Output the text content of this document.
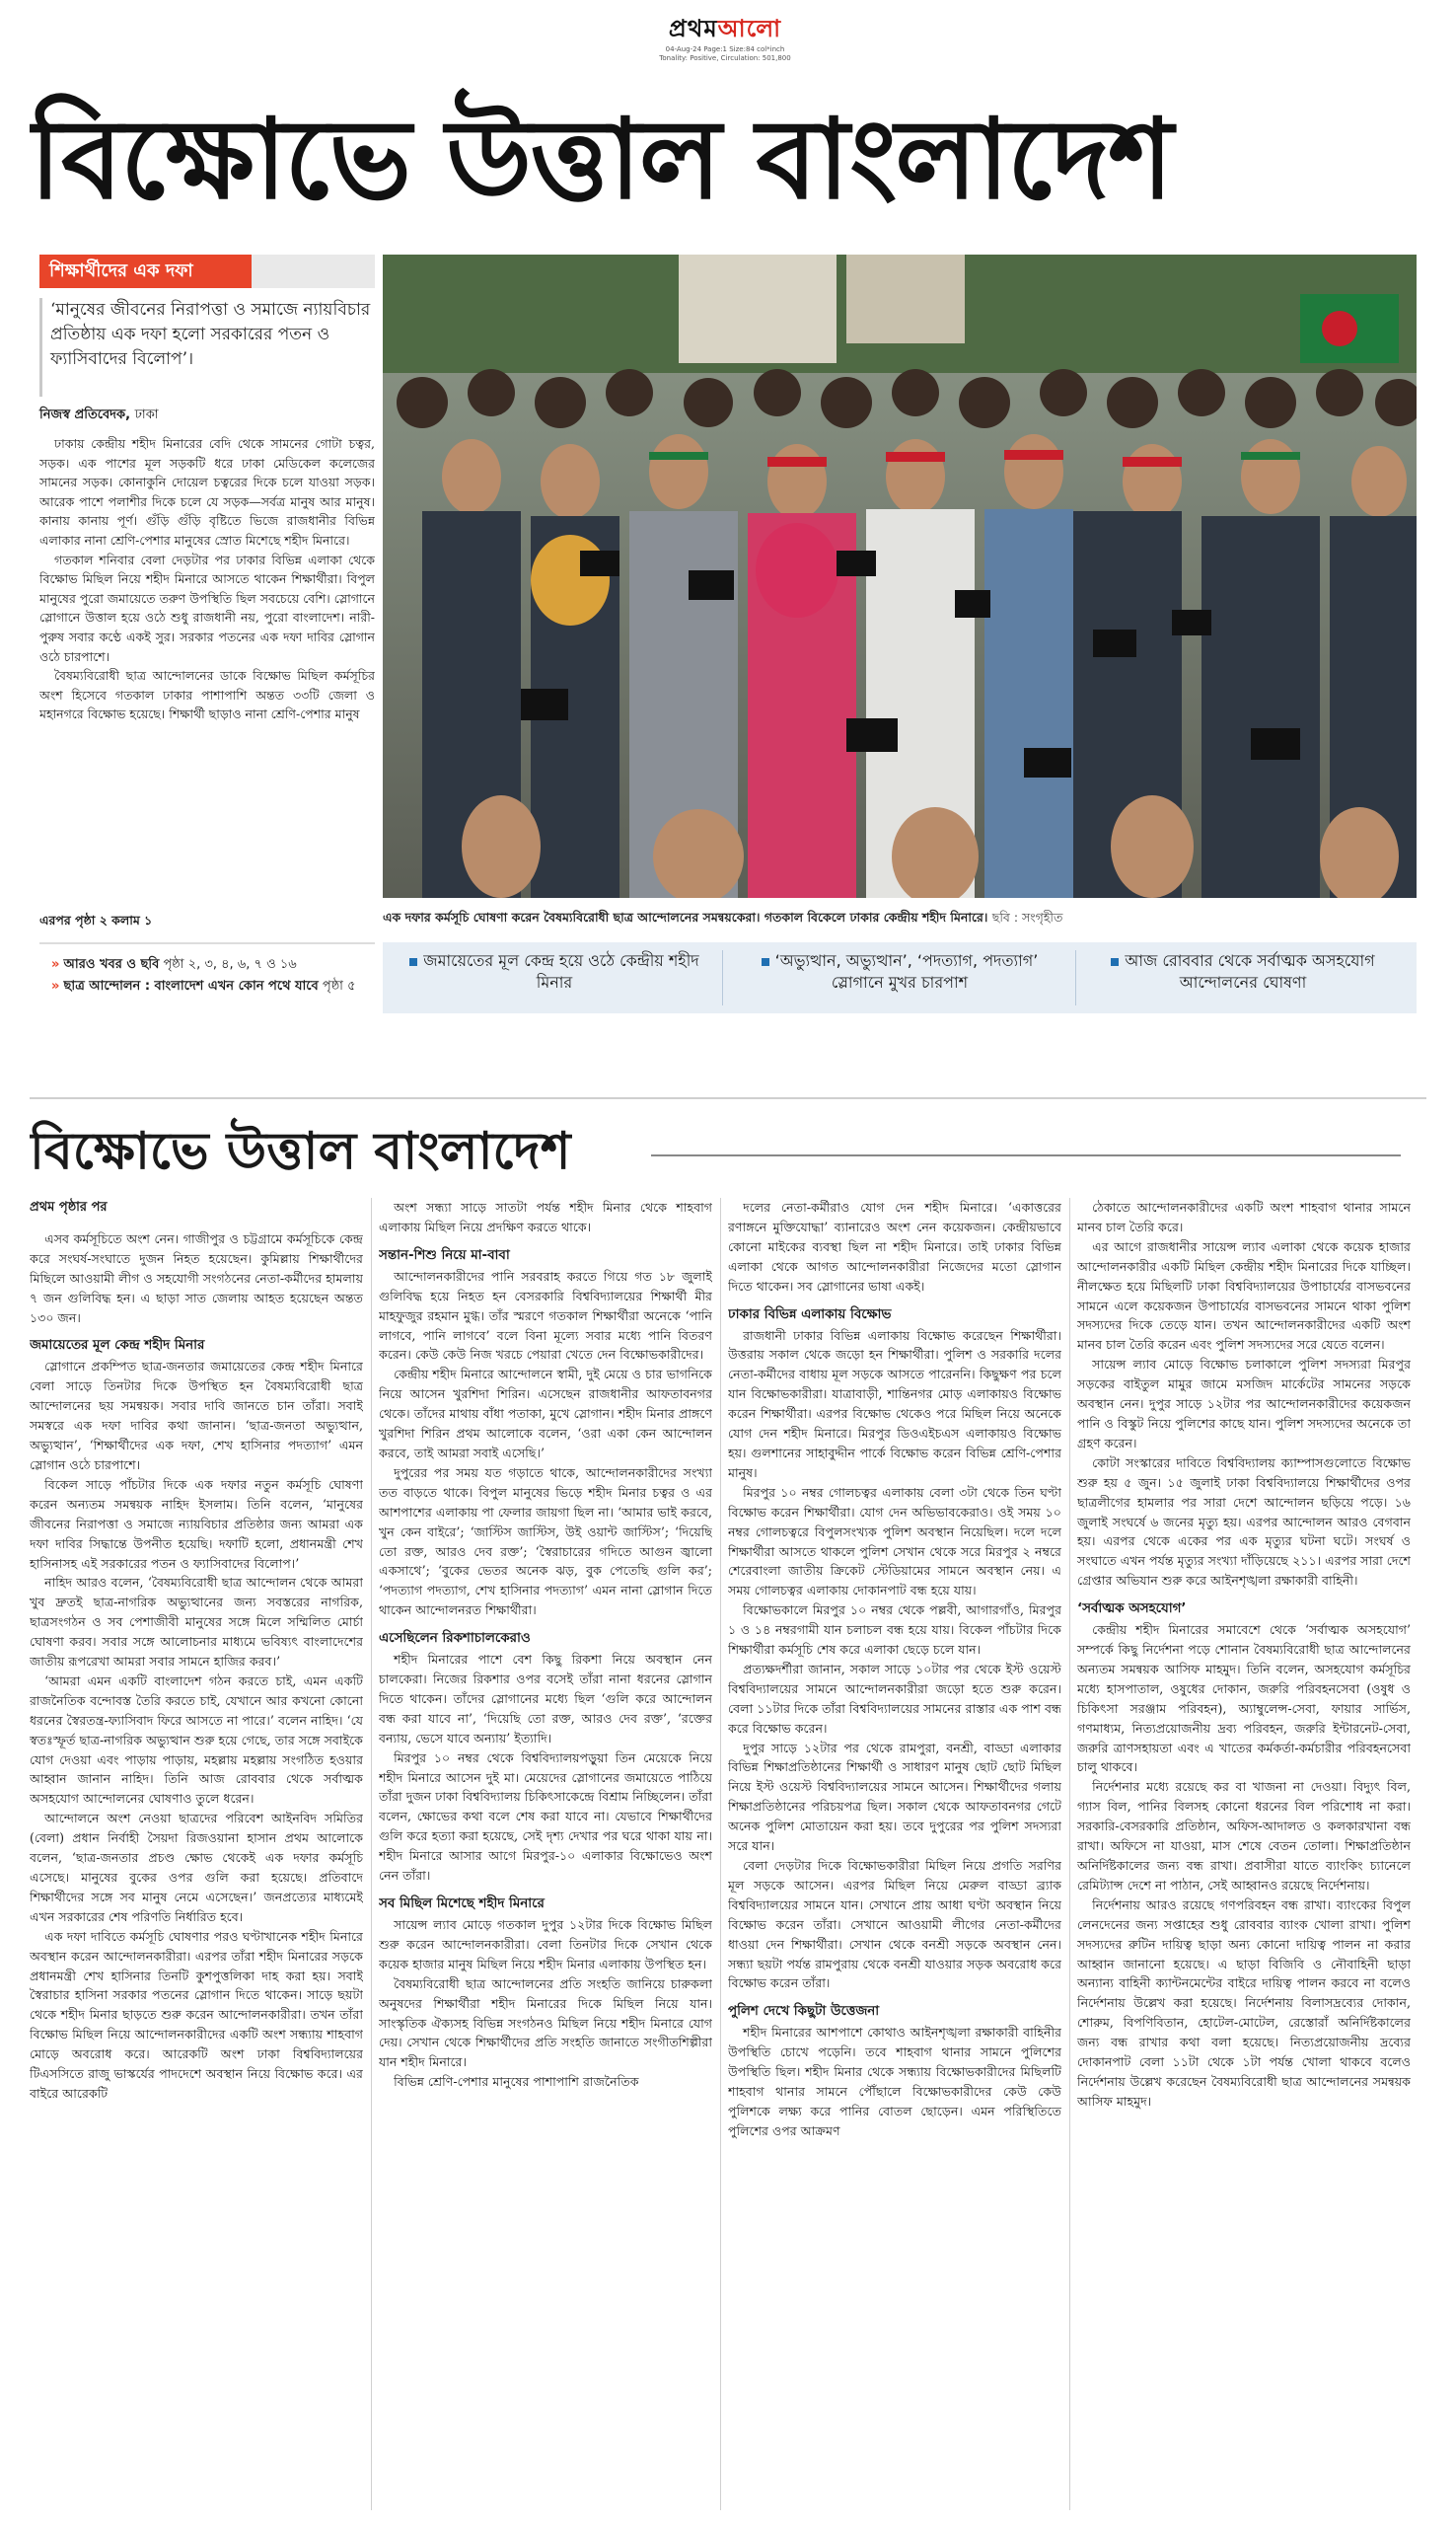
প্রথমআলো
04-Aug-24 Page:1 Size:84 col*inch
Tonality: Positive, Circulation: 501,800
বিক্ষোভে উত্তাল বাংলাদেশ
শিক্ষার্থীদের এক দফা
‘মানুষের জীবনের নিরাপত্তা ও সমাজে ন্যায়বিচার প্রতিষ্ঠায় এক দফা হলো সরকারের পতন ও ফ্যাসিবাদের বিলোপ’।
নিজস্ব প্রতিবেদক, ঢাকা

ঢাকায় কেন্দ্রীয় শহীদ মিনারের বেদি থেকে সামনের গোটা চত্বর, সড়ক। এক পাশের মূল সড়কটি ধরে ঢাকা মেডিকেল কলেজের সামনের সড়ক। কোনাকুনি দোয়েল চত্বরের দিকে চলে যাওয়া সড়ক। আরেক পাশে পলাশীর দিকে চলে যে সড়ক—সর্বত্র মানুষ আর মানুষ। কানায় কানায় পূর্ণ। গুঁড়ি গুঁড়ি বৃষ্টিতে ভিজে রাজধানীর বিভিন্ন এলাকার নানা শ্রেণি-পেশার মানুষের স্রোত মিশেছে শহীদ মিনারে।

গতকাল শনিবার বেলা দেড়টার পর ঢাকার বিভিন্ন এলাকা থেকে বিক্ষোভ মিছিল নিয়ে শহীদ মিনারে আসতে থাকেন শিক্ষার্থীরা। বিপুল মানুষের পুরো জমায়েতে তরুণ উপস্থিতি ছিল সবচেয়ে বেশি। স্লোগানে স্লোগানে উত্তাল হয়ে ওঠে শুধু রাজধানী নয়, পুরো বাংলাদেশ। নারী-পুরুষ সবার কণ্ঠে একই সুর। সরকার পতনের এক দফা দাবির স্লোগান ওঠে চারপাশে।

বৈষম্যবিরোধী ছাত্র আন্দোলনের ডাকে বিক্ষোভ মিছিল কর্মসূচির অংশ হিসেবে গতকাল ঢাকার পাশাপাশি অন্তত ৩৩টি জেলা ও মহানগরে বিক্ষোভ হয়েছে। শিক্ষার্থী ছাড়াও নানা শ্রেণি-পেশার মানুষ

এরপর পৃষ্ঠা ২ কলাম ১	এক দফার কর্মসূচি ঘোষণা করেন বৈষম্যবিরোধী ছাত্র আন্দোলনের সমন্বয়কেরা। গতকাল বিকেলে ঢাকার কেন্দ্রীয় শহীদ মিনারে। ছবি : সংগৃহীত
» আরও খবর ও ছবি পৃষ্ঠা ২, ৩, ৪, ৬, ৭ ও ১৬
» ছাত্র আন্দোলন : বাংলাদেশ এখন কোন পথে যাবে পৃষ্ঠা ৫
জমায়েতের মূল কেন্দ্র হয়ে ওঠে কেন্দ্রীয় শহীদ মিনার
‘অভ্যুত্থান, অভ্যুত্থান’, ‘পদত্যাগ, পদত্যাগ’ স্লোগানে মুখর চারপাশ
আজ রোববার থেকে সর্বাত্মক অসহযোগ আন্দোলনের ঘোষণা
বিক্ষোভে উত্তাল বাংলাদেশ
প্রথম পৃষ্ঠার পর

এসব কর্মসূচিতে অংশ নেন। গাজীপুর ও চট্টগ্রামে কর্মসূচিকে কেন্দ্র করে সংঘর্ষ-সংঘাতে দুজন নিহত হয়েছেন। কুমিল্লায় শিক্ষার্থীদের মিছিলে আওয়ামী লীগ ও সহযোগী সংগঠনের নেতা-কর্মীদের হামলায় ৭ জন গুলিবিদ্ধ হন। এ ছাড়া সাত জেলায় আহত হয়েছেন অন্তত ১৩০ জন।

জমায়েতের মূল কেন্দ্র শহীদ মিনার

স্লোগানে প্রকম্পিত ছাত্র-জনতার জমায়েতের কেন্দ্র শহীদ মিনারে বেলা সাড়ে তিনটার দিকে উপস্থিত হন বৈষম্যবিরোধী ছাত্র আন্দোলনের ছয় সমন্বয়ক। সবার দাবি জানতে চান তাঁরা। সবাই সমস্বরে এক দফা দাবির কথা জানান। ‘ছাত্র-জনতা অভ্যুত্থান, অভ্যুত্থান’, ‘শিক্ষার্থীদের এক দফা, শেখ হাসিনার পদত্যাগ’ এমন স্লোগান ওঠে চারপাশে।

বিকেল সাড়ে পাঁচটার দিকে এক দফার নতুন কর্মসূচি ঘোষণা করেন অন্যতম সমন্বয়ক নাহিদ ইসলাম। তিনি বলেন, ‘মানুষের জীবনের নিরাপত্তা ও সমাজে ন্যায়বিচার প্রতিষ্ঠার জন্য আমরা এক দফা দাবির সিদ্ধান্তে উপনীত হয়েছি। দফাটি হলো, প্রধানমন্ত্রী শেখ হাসিনাসহ এই সরকারের পতন ও ফ্যাসিবাদের বিলোপ।’

নাহিদ আরও বলেন, ‘বৈষম্যবিরোধী ছাত্র আন্দোলন থেকে আমরা খুব দ্রুতই ছাত্র-নাগরিক অভ্যুত্থানের জন্য সবস্তরের নাগরিক, ছাত্রসংগঠন ও সব পেশাজীবী মানুষের সঙ্গে মিলে সম্মিলিত মোর্চা ঘোষণা করব। সবার সঙ্গে আলোচনার মাধ্যমে ভবিষ্যৎ বাংলাদেশের জাতীয় রূপরেখা আমরা সবার সামনে হাজির করব।’

‘আমরা এমন একটি বাংলাদেশ গঠন করতে চাই, এমন একটি রাজনৈতিক বন্দোবস্ত তৈরি করতে চাই, যেখানে আর কখনো কোনো ধরনের স্বৈরতন্ত্র-ফ্যাসিবাদ ফিরে আসতে না পারে।’ বলেন নাহিদ। ‘যে স্বতঃস্ফূর্ত ছাত্র-নাগরিক অভ্যুত্থান শুরু হয়ে গেছে, তার সঙ্গে সবাইকে যোগ দেওয়া এবং পাড়ায় পাড়ায়, মহল্লায় মহল্লায় সংগঠিত হওয়ার আহ্বান জানান নাহিদ। তিনি আজ রোববার থেকে সর্বাত্মক অসহযোগ আন্দোলনের ঘোষণাও তুলে ধরেন।

আন্দোলনে অংশ নেওয়া ছাত্রদের পরিবেশ আইনবিদ সমিতির (বেলা) প্রধান নির্বাহী সৈয়দা রিজওয়ানা হাসান প্রথম আলোকে বলেন, ‘ছাত্র-জনতার প্রচণ্ড ক্ষোভ থেকেই এক দফার কর্মসূচি এসেছে। মানুষের বুকের ওপর গুলি করা হয়েছে। প্রতিবাদে শিক্ষার্থীদের সঙ্গে সব মানুষ নেমে এসেছেন।’ জনপ্রত্যের মাধ্যমেই এখন সরকারের শেষ পরিণতি নির্ধারিত হবে।

এক দফা দাবিতে কর্মসূচি ঘোষণার পরও ঘণ্টাখানেক শহীদ মিনারে অবস্থান করেন আন্দোলনকারীরা। এরপর তাঁরা শহীদ মিনারের সড়কে প্রধানমন্ত্রী শেখ হাসিনার তিনটি কুশপুত্তলিকা দাহ করা হয়। সবাই স্বৈরাচার হাসিনা সরকার পতনের স্লোগান দিতে থাকেন। সাড়ে ছয়টা থেকে শহীদ মিনার ছাড়তে শুরু করেন আন্দোলনকারীরা। তখন তাঁরা বিক্ষোভ মিছিল নিয়ে আন্দোলনকারীদের একটি অংশ সন্ধ্যায় শাহবাগ মোড়ে অবরোধ করে। আরেকটি অংশ ঢাকা বিশ্ববিদ্যালয়ের টিএসসিতে রাজু ভাস্কর্যের পাদদেশে অবস্থান নিয়ে বিক্ষোভ করে। এর বাইরে আরেকটি

অংশ সন্ধ্যা সাড়ে সাতটা পর্যন্ত শহীদ মিনার থেকে শাহবাগ এলাকায় মিছিল নিয়ে প্রদক্ষিণ করতে থাকে।

সন্তান-শিশু নিয়ে মা-বাবা

আন্দোলনকারীদের পানি সরবরাহ করতে গিয়ে গত ১৮ জুলাই গুলিবিদ্ধ হয়ে নিহত হন বেসরকারি বিশ্ববিদ্যালয়ের শিক্ষার্থী মীর মাহফুজুর রহমান মুগ্ধ। তাঁর স্মরণে গতকাল শিক্ষার্থীরা অনেকে ‘পানি লাগবে, পানি লাগবে’ বলে বিনা মূল্যে সবার মধ্যে পানি বিতরণ করেন। কেউ কেউ নিজ খরচে পেয়ারা খেতে দেন বিক্ষোভকারীদের।

কেন্দ্রীয় শহীদ মিনারে আন্দোলনে স্বামী, দুই মেয়ে ও চার ভাগনিকে নিয়ে আসেন খুরশিদা শিরিন। এসেছেন রাজধানীর আফতাবনগর থেকে। তাঁদের মাথায় বাঁধা পতাকা, মুখে স্লোগান। শহীদ মিনার প্রাঙ্গণে খুরশিদা শিরিন প্রথম আলোকে বলেন, ‘ওরা একা কেন আন্দোলন করবে, তাই আমরা সবাই এসেছি।’

দুপুরের পর সময় যত গড়াতে থাকে, আন্দোলনকারীদের সংখ্যা তত বাড়তে থাকে। বিপুল মানুষের ভিড়ে শহীদ মিনার চত্বর ও এর আশপাশের এলাকায় পা ফেলার জায়গা ছিল না। ‘আমার ভাই করবে, খুন কেন বাইরে’; ‘জাস্টিস জাস্টিস, উই ওয়ান্ট জাস্টিস’; ‘দিয়েছি তো রক্ত, আরও দেব রক্ত’; ‘স্বৈরাচারের গদিতে আগুন জ্বালো একসাথে’; ‘বুকের ভেতর অনেক ঝড়, বুক পেতেছি গুলি কর’; ‘পদত্যাগ পদত্যাগ, শেখ হাসিনার পদত্যাগ’ এমন নানা স্লোগান দিতে থাকেন আন্দোলনরত শিক্ষার্থীরা।

এসেছিলেন রিকশাচালকেরাও

শহীদ মিনারের পাশে বেশ কিছু রিকশা নিয়ে অবস্থান নেন চালকেরা। নিজের রিকশার ওপর বসেই তাঁরা নানা ধরনের স্লোগান দিতে থাকেন। তাঁদের স্লোগানের মধ্যে ছিল ‘গুলি করে আন্দোলন বন্ধ করা যাবে না’, ‘দিয়েছি তো রক্ত, আরও দেব রক্ত’, ‘রক্তের বন্যায়, ভেসে যাবে অন্যায়’ ইত্যাদি।

মিরপুর ১০ নম্বর থেকে বিশ্ববিদ্যালয়পড়ুয়া তিন মেয়েকে নিয়ে শহীদ মিনারে আসেন দুই মা। মেয়েদের স্লোগানের জমায়েতে পাঠিয়ে তাঁরা দুজন ঢাকা বিশ্ববিদ্যালয় চিকিৎসাকেন্দ্রে বিশ্রাম নিচ্ছিলেন। তাঁরা বলেন, ক্ষোভের কথা বলে শেষ করা যাবে না। যেভাবে শিক্ষার্থীদের গুলি করে হত্যা করা হয়েছে, সেই দৃশ্য দেখার পর ঘরে থাকা যায় না। শহীদ মিনারে আসার আগে মিরপুর-১০ এলাকার বিক্ষোভেও অংশ নেন তাঁরা।

সব মিছিল মিশেছে শহীদ মিনারে

সায়েন্স ল্যাব মোড়ে গতকাল দুপুর ১২টার দিকে বিক্ষোভ মিছিল শুরু করেন আন্দোলনকারীরা। বেলা তিনটার দিকে সেখান থেকে কয়েক হাজার মানুষ মিছিল নিয়ে শহীদ মিনার এলাকায় উপস্থিত হন।

বৈষম্যবিরোধী ছাত্র আন্দোলনের প্রতি সংহতি জানিয়ে চারুকলা অনুষদের শিক্ষার্থীরা শহীদ মিনারের দিকে মিছিল নিয়ে যান। সাংস্কৃতিক ঐক্যসহ বিভিন্ন সংগঠনও মিছিল নিয়ে শহীদ মিনারে যোগ দেয়। সেখান থেকে শিক্ষার্থীদের প্রতি সংহতি জানাতে সংগীতশিল্পীরা যান শহীদ মিনারে।

বিভিন্ন শ্রেণি-পেশার মানুষের পাশাপাশি রাজনৈতিক

দলের নেতা-কর্মীরাও যোগ দেন শহীদ মিনারে। ‘একাত্তরের রণাঙ্গনে মুক্তিযোদ্ধা’ ব্যানারেও অংশ নেন কয়েকজন। কেন্দ্রীয়ভাবে কোনো মাইকের ব্যবস্থা ছিল না শহীদ মিনারে। তাই ঢাকার বিভিন্ন এলাকা থেকে আগত আন্দোলনকারীরা নিজেদের মতো স্লোগান দিতে থাকেন। সব স্লোগানের ভাষা একই।

ঢাকার বিভিন্ন এলাকায় বিক্ষোভ

রাজধানী ঢাকার বিভিন্ন এলাকায় বিক্ষোভ করেছেন শিক্ষার্থীরা। উত্তরায় সকাল থেকে জড়ো হন শিক্ষার্থীরা। পুলিশ ও সরকারি দলের নেতা-কর্মীদের বাধায় মূল সড়কে আসতে পারেননি। কিছুক্ষণ পর চলে যান বিক্ষোভকারীরা। যাত্রাবাড়ী, শান্তিনগর মোড় এলাকায়ও বিক্ষোভ করেন শিক্ষার্থীরা। এরপর বিক্ষোভ থেকেও পরে মিছিল নিয়ে অনেকে যোগ দেন শহীদ মিনারে। মিরপুর ডিওএইচএস এলাকায়ও বিক্ষোভ হয়। গুলশানের সাহাবুদ্দীন পার্কে বিক্ষোভ করেন বিভিন্ন শ্রেণি-পেশার মানুষ।

মিরপুর ১০ নম্বর গোলচত্বর এলাকায় বেলা ৩টা থেকে তিন ঘণ্টা বিক্ষোভ করেন শিক্ষার্থীরা। যোগ দেন অভিভাবকেরাও। ওই সময় ১০ নম্বর গোলচত্বরে বিপুলসংখ্যক পুলিশ অবস্থান নিয়েছিল। দলে দলে শিক্ষার্থীরা আসতে থাকলে পুলিশ সেখান থেকে সরে মিরপুর ২ নম্বরে শেরেবাংলা জাতীয় ক্রিকেট স্টেডিয়ামের সামনে অবস্থান নেয়। এ সময় গোলচত্বর এলাকায় দোকানপাট বন্ধ হয়ে যায়।

বিক্ষোভকালে মিরপুর ১০ নম্বর থেকে পল্লবী, আগারগাঁও, মিরপুর ১ ও ১৪ নম্বরগামী যান চলাচল বন্ধ হয়ে যায়। বিকেল পাঁচটার দিকে শিক্ষার্থীরা কর্মসূচি শেষ করে এলাকা ছেড়ে চলে যান।

প্রত্যক্ষদর্শীরা জানান, সকাল সাড়ে ১০টার পর থেকে ইস্ট ওয়েস্ট বিশ্ববিদ্যালয়ের সামনে আন্দোলনকারীরা জড়ো হতে শুরু করেন। বেলা ১১টার দিকে তাঁরা বিশ্ববিদ্যালয়ের সামনের রাস্তার এক পাশ বন্ধ করে বিক্ষোভ করেন।

দুপুর সাড়ে ১২টার পর থেকে রামপুরা, বনশ্রী, বাড্ডা এলাকার বিভিন্ন শিক্ষাপ্রতিষ্ঠানের শিক্ষার্থী ও সাধারণ মানুষ ছোট ছোট মিছিল নিয়ে ইস্ট ওয়েস্ট বিশ্ববিদ্যালয়ের সামনে আসেন। শিক্ষার্থীদের গলায় শিক্ষাপ্রতিষ্ঠানের পরিচয়পত্র ছিল। সকাল থেকে আফতাবনগর গেটে অনেক পুলিশ মোতায়েন করা হয়। তবে দুপুরের পর পুলিশ সদস্যরা সরে যান।

বেলা দেড়টার দিকে বিক্ষোভকারীরা মিছিল নিয়ে প্রগতি সরণির মূল সড়কে আসেন। এরপর মিছিল নিয়ে মেরুল বাড্ডা ব্র্যাক বিশ্ববিদ্যালয়ের সামনে যান। সেখানে প্রায় আধা ঘণ্টা অবস্থান নিয়ে বিক্ষোভ করেন তাঁরা। সেখানে আওয়ামী লীগের নেতা-কর্মীদের ধাওয়া দেন শিক্ষার্থীরা। সেখান থেকে বনশ্রী সড়কে অবস্থান নেন। সন্ধ্যা ছয়টা পর্যন্ত রামপুরায় থেকে বনশ্রী যাওয়ার সড়ক অবরোধ করে বিক্ষোভ করেন তাঁরা।

পুলিশ দেখে কিছুটা উত্তেজনা

শহীদ মিনারের আশপাশে কোথাও আইনশৃঙ্খলা রক্ষাকারী বাহিনীর উপস্থিতি চোখে পড়েনি। তবে শাহবাগ থানার সামনে পুলিশের উপস্থিতি ছিল। শহীদ মিনার থেকে সন্ধ্যায় বিক্ষোভকারীদের মিছিলটি শাহবাগ থানার সামনে পৌঁছালে বিক্ষোভকারীদের কেউ কেউ পুলিশকে লক্ষ্য করে পানির বোতল ছোড়েন। এমন পরিস্থিতিতে পুলিশের ওপর আক্রমণ

ঠেকাতে আন্দোলনকারীদের একটি অংশ শাহবাগ থানার সামনে মানব চাল তৈরি করে।

এর আগে রাজধানীর সায়েন্স ল্যাব এলাকা থেকে কয়েক হাজার আন্দোলনকারীর একটি মিছিল কেন্দ্রীয় শহীদ মিনারের দিকে যাচ্ছিল। নীলক্ষেত হয়ে মিছিলটি ঢাকা বিশ্ববিদ্যালয়ের উপাচার্যের বাসভবনের সামনে এলে কয়েকজন উপাচার্যের বাসভবনের সামনে থাকা পুলিশ সদস্যদের দিকে তেড়ে যান। তখন আন্দোলনকারীদের একটি অংশ মানব চাল তৈরি করেন এবং পুলিশ সদস্যদের সরে যেতে বলেন।

সায়েন্স ল্যাব মোড়ে বিক্ষোভ চলাকালে পুলিশ সদস্যরা মিরপুর সড়কের বাইতুল মামুর জামে মসজিদ মার্কেটের সামনের সড়কে অবস্থান নেন। দুপুর সাড়ে ১২টার পর আন্দোলনকারীদের কয়েকজন পানি ও বিস্কুট নিয়ে পুলিশের কাছে যান। পুলিশ সদস্যদের অনেকে তা গ্রহণ করেন।

কোটা সংস্কারের দাবিতে বিশ্ববিদ্যালয় ক্যাম্পাসগুলোতে বিক্ষোভ শুরু হয় ৫ জুন। ১৫ জুলাই ঢাকা বিশ্ববিদ্যালয়ে শিক্ষার্থীদের ওপর ছাত্রলীগের হামলার পর সারা দেশে আন্দোলন ছড়িয়ে পড়ে। ১৬ জুলাই সংঘর্ষে ৬ জনের মৃত্যু হয়। এরপর আন্দোলন আরও বেগবান হয়। এরপর থেকে একের পর এক মৃত্যুর ঘটনা ঘটে। সংঘর্ষ ও সংঘাতে এখন পর্যন্ত মৃত্যুর সংখ্যা দাঁড়িয়েছে ২১১। এরপর সারা দেশে গ্রেপ্তার অভিযান শুরু করে আইনশৃঙ্খলা রক্ষাকারী বাহিনী।

‘সর্বাত্মক অসহযোগ’

কেন্দ্রীয় শহীদ মিনারের সমাবেশে থেকে ‘সর্বাত্মক অসহযোগ’ সম্পর্কে কিছু নির্দেশনা পড়ে শোনান বৈষম্যবিরোধী ছাত্র আন্দোলনের অন্যতম সমন্বয়ক আসিফ মাহমুদ। তিনি বলেন, অসহযোগ কর্মসূচির মধ্যে হাসপাতাল, ওষুধের দোকান, জরুরি পরিবহনসেবা (ওষুধ ও চিকিৎসা সরঞ্জাম পরিবহন), অ্যাম্বুলেন্স-সেবা, ফায়ার সার্ভিস, গণমাধ্যম, নিত্যপ্রয়োজনীয় দ্রব্য পরিবহন, জরুরি ইন্টারনেট-সেবা, জরুরি ত্রাণসহায়তা এবং এ খাতের কর্মকর্তা-কর্মচারীর পরিবহনসেবা চালু থাকবে।

নির্দেশনার মধ্যে রয়েছে কর বা খাজনা না দেওয়া। বিদ্যুৎ বিল, গ্যাস বিল, পানির বিলসহ কোনো ধরনের বিল পরিশোধ না করা। সরকারি-বেসরকারি প্রতিষ্ঠান, অফিস-আদালত ও কলকারখানা বন্ধ রাখা। অফিসে না যাওয়া, মাস শেষে বেতন তোলা। শিক্ষাপ্রতিষ্ঠান অনির্দিষ্টকালের জন্য বন্ধ রাখা। প্রবাসীরা যাতে ব্যাংকিং চ্যানেলে রেমিট্যান্স দেশে না পাঠান, সেই আহ্বানও রয়েছে নির্দেশনায়।

নির্দেশনায় আরও রয়েছে গণপরিবহন বন্ধ রাখা। ব্যাংকের বিপুল লেনদেনের জন্য সপ্তাহের শুধু রোববার ব্যাংক খোলা রাখা। পুলিশ সদস্যদের রুটিন দায়িত্ব ছাড়া অন্য কোনো দায়িত্ব পালন না করার আহ্বান জানানো হয়েছে। এ ছাড়া বিজিবি ও নৌবাহিনী ছাড়া অন্যান্য বাহিনী ক্যান্টনমেন্টের বাইরে দায়িত্ব পালন করবে না বলেও নির্দেশনায় উল্লেখ করা হয়েছে। নির্দেশনায় বিলাসদ্রব্যের দোকান, শোরুম, বিপণিবিতান, হোটেল-মোটেল, রেস্তোরাঁ অনির্দিষ্টকালের জন্য বন্ধ রাখার কথা বলা হয়েছে। নিত্যপ্রয়োজনীয় দ্রব্যের দোকানপাট বেলা ১১টা থেকে ১টা পর্যন্ত খোলা থাকবে বলেও নির্দেশনায় উল্লেখ করেছেন বৈষম্যবিরোধী ছাত্র আন্দোলনের সমন্বয়ক আসিফ মাহমুদ।
